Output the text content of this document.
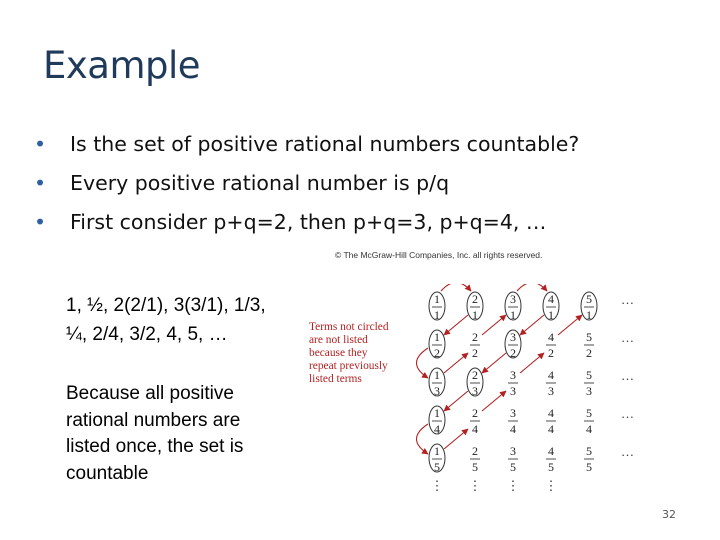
Example
• Is the set of positive rational numbers countable?
• Every positive rational number is p/q
• First consider p+q=2, then p+q=3, p+q=4, …
© The McGraw-Hill Companies, Inc. all rights reserved.
1, ½, 2(2/1), 3(3/1), 1/3,
¼, 2/4, 3/2, 4, 5, …
Because all positive
rational numbers are
listed once, the set is
countable
Terms not circled
are not listed
because they
repeat previously
listed terms
1
1
2
1
3
1
4
1
5
1
1
2
2
2
3
2
4
2
5
2
1
3
2
3
3
3
4
3
5
3
1
4
2
4
3
4
4
4
5
4
1
5
2
5
3
5
4
5
5
5
…
…
…
…
…
⋮ ⋮ ⋮ ⋮
32
